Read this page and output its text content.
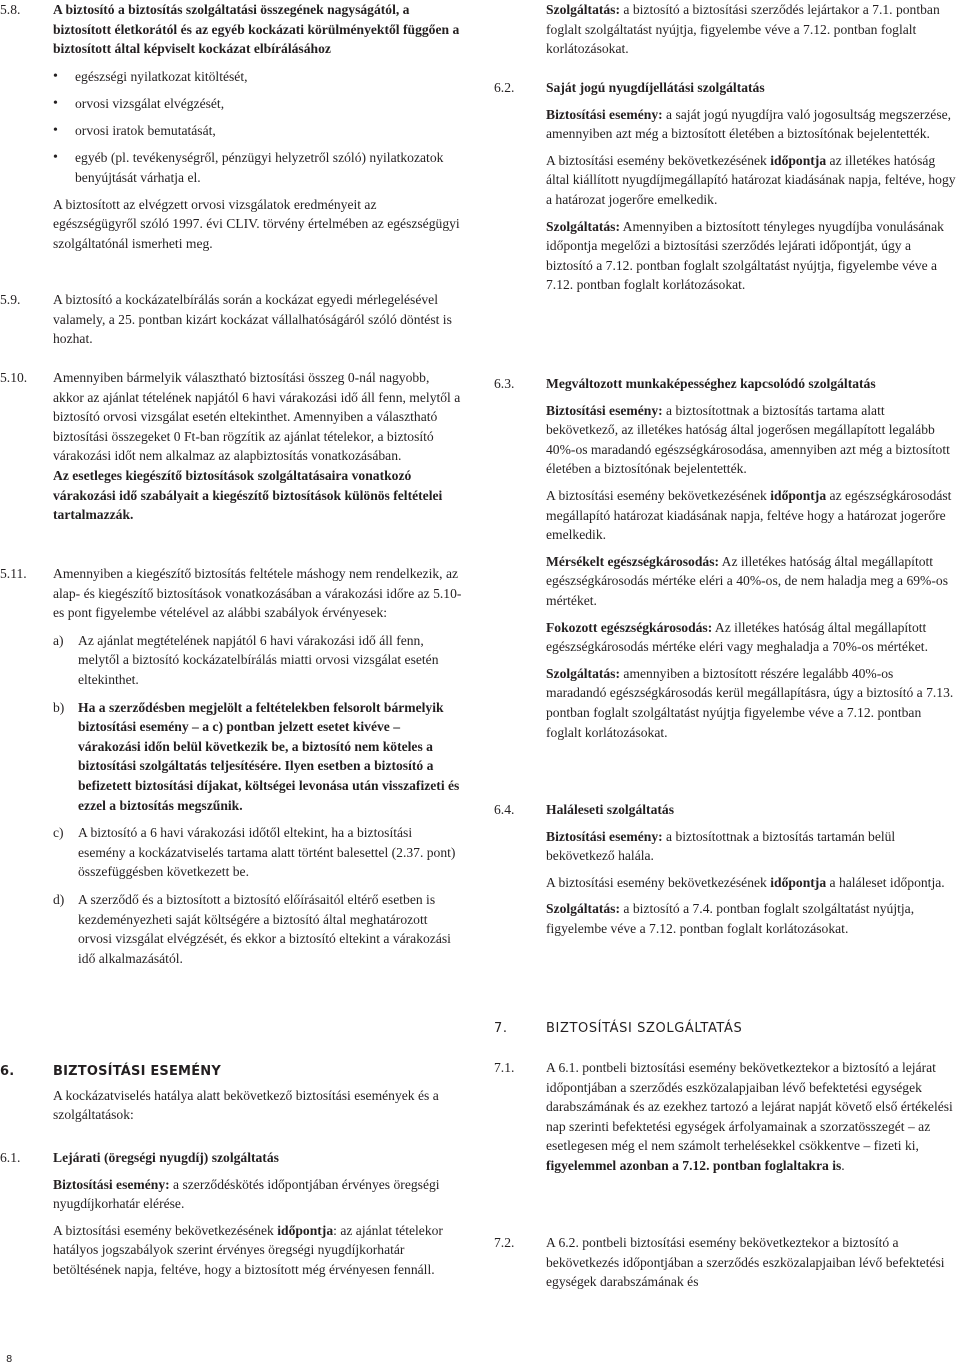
5.8. A biztosító a biztosítás szolgáltatási összegének nagyságától, a biztosított életkorától és az egyéb kockázati körülményektől függően a biztosított által képviselt kockázat elbírálásához

• egészségi nyilatkozat kitöltését,
• orvosi vizsgálat elvégzését,
• orvosi iratok bemutatását,
• egyéb (pl. tevékenységről, pénzügyi helyzetről szóló) nyilatkozatok benyújtását várhatja el.

A biztosított az elvégzett orvosi vizsgálatok eredményeit az egészségügyről szóló 1997. évi CLIV. törvény értelmében az egészségügyi szolgáltatónál ismerheti meg.

5.9. A biztosító a kockázatelbírálás során a kockázat egyedi mérlegelésével valamely, a 25. pontban kizárt kockázat vállalhatóságáról szóló döntést is hozhat.

5.10. Amennyiben bármelyik választható biztosítási összeg 0-nál nagyobb, akkor az ajánlat tételének napjától 6 havi várakozási idő áll fenn, melytől a biztosító orvosi vizsgálat esetén eltekinthet. Amennyiben a választható biztosítási összegeket 0 Ft-ban rögzítik az ajánlat tételekor, a biztosító várakozási időt nem alkalmaz az alapbiztosítás vonatkozásában.

Az esetleges kiegészítő biztosítások szolgáltatásaira vonatkozó várakozási idő szabályait a kiegészítő biztosítások különös feltételei tartalmazzák.

5.11. Amennyiben a kiegészítő biztosítás feltétele máshogy nem rendelkezik, az alap- és kiegészítő biztosítások vonatkozásában a várakozási időre az 5.10-es pont figyelembe vételével az alábbi szabályok érvényesek:

a) Az ajánlat megtételének napjától 6 havi várakozási idő áll fenn, melytől a biztosító kockázatelbírálás miatti orvosi vizsgálat esetén eltekinthet.

b) Ha a szerződésben megjelölt a feltételekben felsorolt bármelyik biztosítási esemény – a c) pontban jelzett esetet kivéve – várakozási időn belül következik be, a biztosító nem köteles a biztosítási szolgáltatás teljesítésére. Ilyen esetben a biztosító a befizetett biztosítási díjakat, költségei levonása után visszafizeti és ezzel a biztosítás megszűnik.

c) A biztosító a 6 havi várakozási időtől eltekint, ha a biztosítási esemény a kockázatviselés tartama alatt történt balesettel (2.37. pont) összefüggésben következett be.

d) A szerződő és a biztosított a biztosító előírásaitól eltérő esetben is kezdeményezheti saját költségére a biztosító által meghatározott orvosi vizsgálat elvégzését, és ekkor a biztosító eltekint a várakozási idő alkalmazásától.

6.	BIZTOSÍTÁSI ESEMÉNY

A kockázatviselés hatálya alatt bekövetkező biztosítási események és a szolgáltatások:

6.1. Lejárati (öregségi nyugdíj) szolgáltatás

Biztosítási esemény: a szerződéskötés időpontjában érvényes öregségi nyugdíjkorhatár elérése.

A biztosítási esemény bekövetkezésének időpontja: az ajánlat tételekor hatályos jogszabályok szerint érvényes öregségi nyugdíjkorhatár betöltésének napja, feltéve, hogy a biztosított még érvényesen fennáll.

Szolgáltatás: a biztosító a biztosítási szerződés lejártakor a 7.1. pontban foglalt szolgáltatást nyújtja, figyelembe véve a 7.12. pontban foglalt korlátozásokat.

6.2. Saját jogú nyugdíjellátási szolgáltatás

Biztosítási esemény: a saját jogú nyugdíjra való jogosultság megszerzése, amennyiben azt még a biztosított életében a biztosítónak bejelentették.

A biztosítási esemény bekövetkezésének időpontja az illetékes hatóság által kiállított nyugdíjmegállapító határozat kiadásának napja, feltéve, hogy a határozat jogerőre emelkedik.

Szolgáltatás: Amennyiben a biztosított tényleges nyugdíjba vonulásának időpontja megelőzi a biztosítási szerződés lejárati időpontját, úgy a biztosító a 7.12. pontban foglalt szolgáltatást nyújtja, figyelembe véve a 7.12. pontban foglalt korlátozásokat.

6.3. Megváltozott munkaképességhez kapcsolódó szolgáltatás

Biztosítási esemény: a biztosítottnak a biztosítás tartama alatt bekövetkező, az illetékes hatóság által jogerősen megállapított legalább 40%-os maradandó egészségkárosodása, amennyiben azt még a biztosított életében a biztosítónak bejelentették.

A biztosítási esemény bekövetkezésének időpontja az egészségkárosodást megállapító határozat kiadásának napja, feltéve hogy a határozat jogerőre emelkedik.

Mérsékelt egészségkárosodás: Az illetékes hatóság által megállapított egészségkárosodás mértéke eléri a 40%-os, de nem haladja meg a 69%-os mértéket.

Fokozott egészségkárosodás: Az illetékes hatóság által megállapított egészségkárosodás mértéke eléri vagy meghaladja a 70%-os mértéket.

Szolgáltatás: amennyiben a biztosított részére legalább 40%-os maradandó egészségkárosodás kerül megállapításra, úgy a biztosító a 7.13. pontban foglalt szolgáltatást nyújtja figyelembe véve a 7.12. pontban foglalt korlátozásokat.

6.4. Haláleseti szolgáltatás

Biztosítási esemény: a biztosítottnak a biztosítás tartamán belül bekövetkező halála.

A biztosítási esemény bekövetkezésének időpontja a haláleset időpontja.

Szolgáltatás: a biztosító a 7.4. pontban foglalt szolgáltatást nyújtja, figyelembe véve a 7.12. pontban foglalt korlátozásokat.

7.	BIZTOSÍTÁSI SZOLGÁLTATÁS

7.1. A 6.1. pontbeli biztosítási esemény bekövetkeztekor a biztosító a lejárat időpontjában a szerződés eszközalapjaiban lévő befektetési egységek darabszámának és az ezekhez tartozó a lejárat napját követő első értékelési nap szerinti befektetési egységek árfolyamainak a szorzatösszegét – az esetlegesen még el nem számolt terhelésekkel csökkentve – fizeti ki, figyelemmel azonban a 7.12. pontban foglaltakra is.

7.2. A 6.2. pontbeli biztosítási esemény bekövetkeztekor a biztosító a bekövetkezés időpontjában a szerződés eszközalapjaiban lévő befektetési egységek darabszámának és

8
